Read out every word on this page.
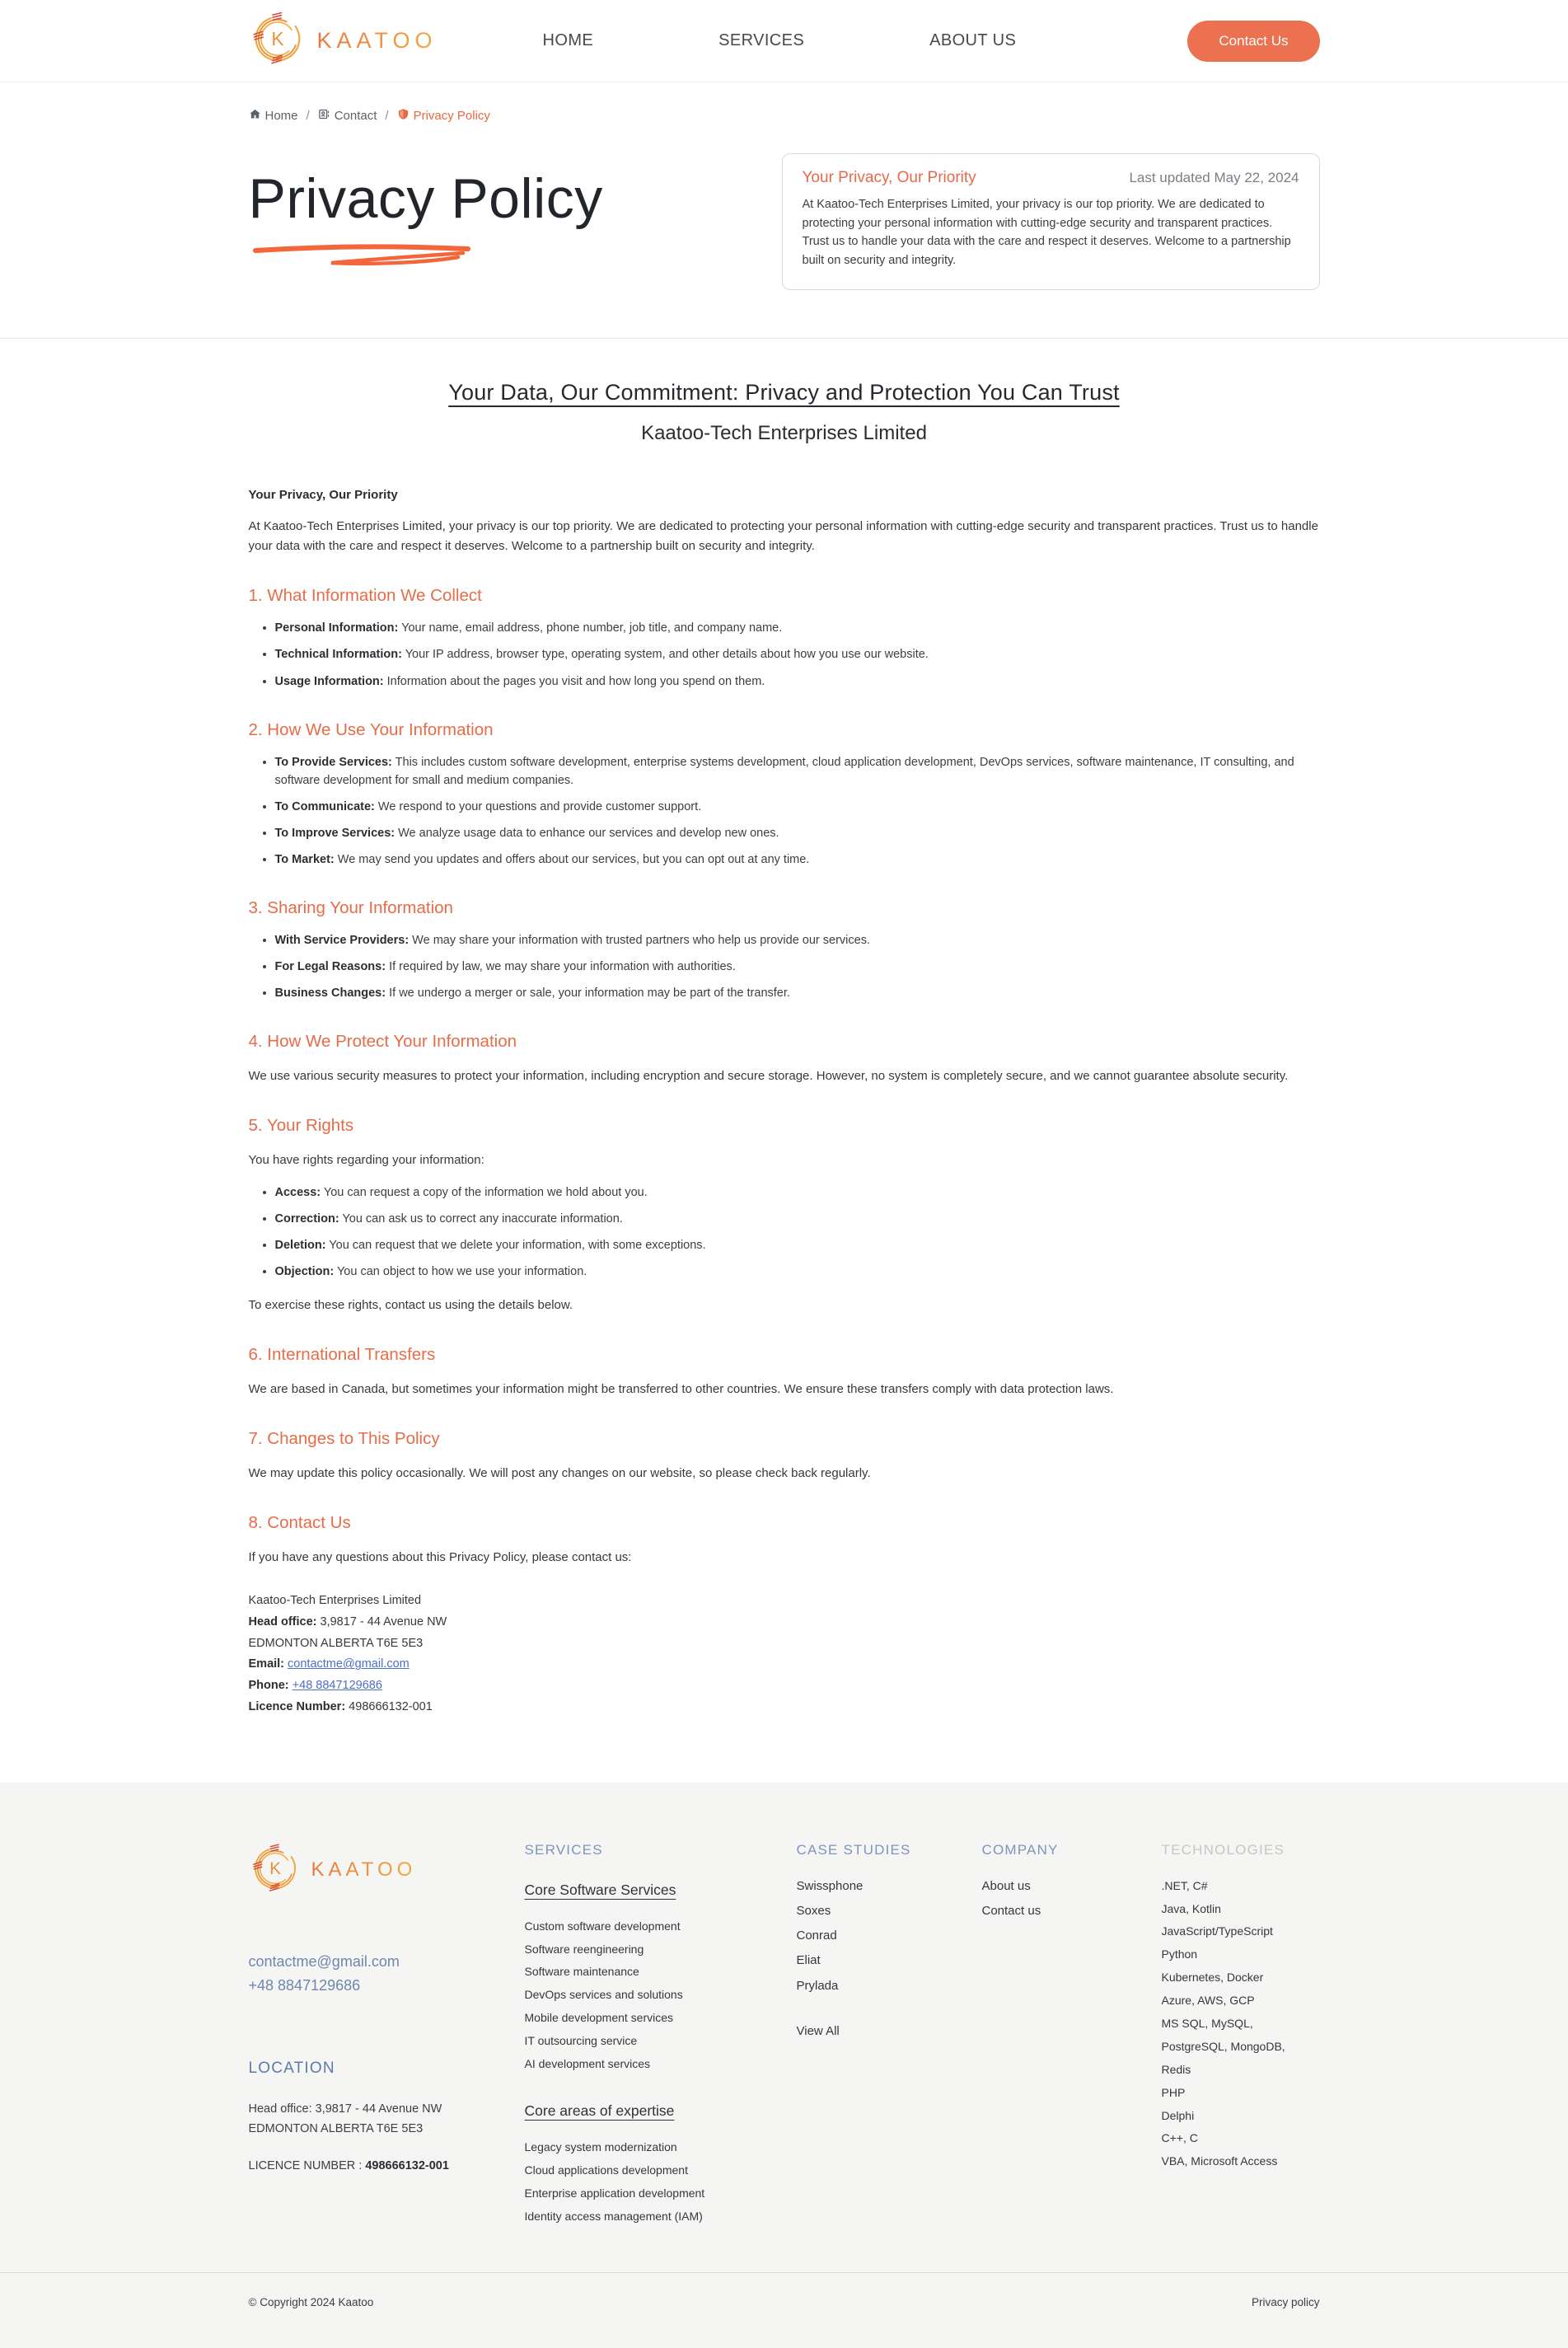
K KAATOO	HOME	SERVICES	ABOUT US	Contact Us
Home / Contact / Privacy Policy
Privacy Policy	Your Privacy, Our Priority	Last updated May 22, 2024

At Kaatoo-Tech Enterprises Limited, your privacy is our top priority. We are dedicated to protecting your personal information with cutting-edge security and transparent practices. Trust us to handle your data with the care and respect it deserves. Welcome to a partnership built on security and integrity.

Your Data, Our Commitment: Privacy and Protection You Can Trust
Kaatoo-Tech Enterprises Limited
Your Privacy, Our Priority

At Kaatoo-Tech Enterprises Limited, your privacy is our top priority. We are dedicated to protecting your personal information with cutting-edge security and transparent practices. Trust us to handle your data with the care and respect it deserves. Welcome to a partnership built on security and integrity.

1. What Information We Collect
• Personal Information: Your name, email address, phone number, job title, and company name.
• Technical Information: Your IP address, browser type, operating system, and other details about how you use our website.
• Usage Information: Information about the pages you visit and how long you spend on them.
2. How We Use Your Information
• To Provide Services: This includes custom software development, enterprise systems development, cloud application development, DevOps services, software maintenance, IT consulting, and software development for small and medium companies.
• To Communicate: We respond to your questions and provide customer support.
• To Improve Services: We analyze usage data to enhance our services and develop new ones.
• To Market: We may send you updates and offers about our services, but you can opt out at any time.
3. Sharing Your Information
• With Service Providers: We may share your information with trusted partners who help us provide our services.
• For Legal Reasons: If required by law, we may share your information with authorities.
• Business Changes: If we undergo a merger or sale, your information may be part of the transfer.
4. How We Protect Your Information

We use various security measures to protect your information, including encryption and secure storage. However, no system is completely secure, and we cannot guarantee absolute security.

5. Your Rights

You have rights regarding your information:

• Access: You can request a copy of the information we hold about you.
• Correction: You can ask us to correct any inaccurate information.
• Deletion: You can request that we delete your information, with some exceptions.
• Objection: You can object to how we use your information.

To exercise these rights, contact us using the details below.

6. International Transfers

We are based in Canada, but sometimes your information might be transferred to other countries. We ensure these transfers comply with data protection laws.

7. Changes to This Policy

We may update this policy occasionally. We will post any changes on our website, so please check back regularly.

8. Contact Us

If you have any questions about this Privacy Policy, please contact us:

Kaatoo-Tech Enterprises Limited
Head office: 3,9817 - 44 Avenue NW
EDMONTON ALBERTA T6E 5E3
Email: contactme@gmail.com
Phone: +48 8847129686
Licence Number: 498666132-001
K KAATOO
contactme@gmail.com
+48 8847129686
LOCATION
Head office: 3,9817 - 44 Avenue NW
EDMONTON ALBERTA T6E 5E3
LICENCE NUMBER : 498666132-001
SERVICES
Core Software Services
Custom software development
Software reengineering
Software maintenance
DevOps services and solutions
Mobile development services
IT outsourcing service
AI development services
Core areas of expertise
Legacy system modernization
Cloud applications development
Enterprise application development
Identity access management (IAM)
CASE STUDIES
Swissphone
Soxes
Conrad
Eliat
Prylada
View All
COMPANY
About us
Contact us
TECHNOLOGIES
.NET, C#
Java, Kotlin
JavaScript/TypeScript
Python
Kubernetes, Docker
Azure, AWS, GCP
MS SQL, MySQL,
PostgreSQL, MongoDB,
Redis
PHP
Delphi
C++, C
VBA, Microsoft Access
© Copyright 2024 Kaatoo	Privacy policy
